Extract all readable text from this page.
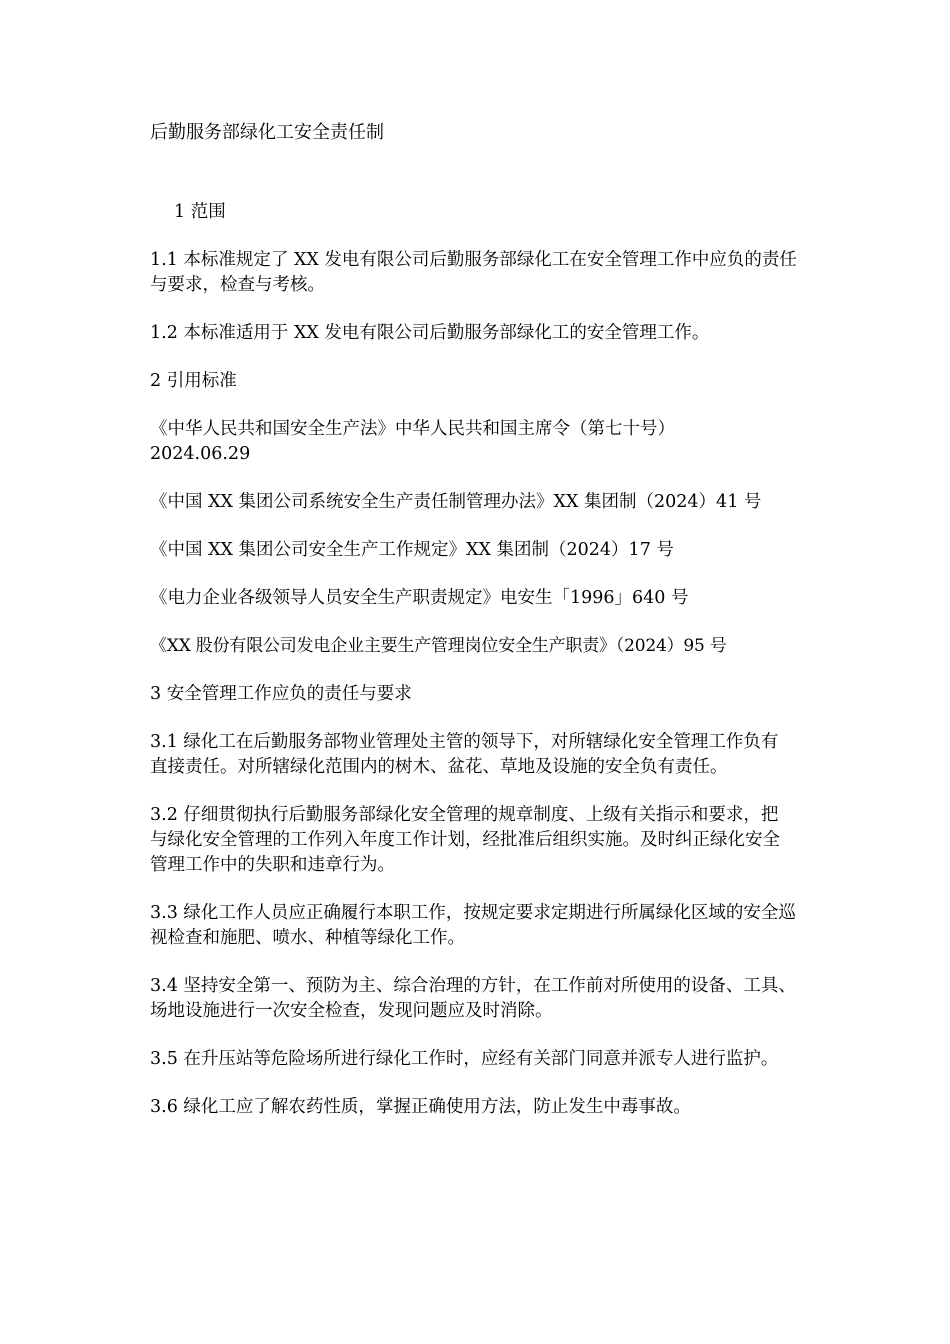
后勤服务部绿化工安全责任制

1 范围

1.1 本标准规定了 XX 发电有限公司后勤服务部绿化工在安全管理工作中应负的责任与要求，检查与考核。

1.2 本标准适用于 XX 发电有限公司后勤服务部绿化工的安全管理工作。

2 引用标准

《中华人民共和国安全生产法》中华人民共和国主席令（第七十号）2024.06.29

《中国 XX 集团公司系统安全生产责任制管理办法》XX 集团制（2024）41 号

《中国 XX 集团公司安全生产工作规定》XX 集团制（2024）17 号

《电力企业各级领导人员安全生产职责规定》电安生「1996」640 号

《XX 股份有限公司发电企业主要生产管理岗位安全生产职责》（2024）95 号

3 安全管理工作应负的责任与要求

3.1 绿化工在后勤服务部物业管理处主管的领导下，对所辖绿化安全管理工作负有直接责任。对所辖绿化范围内的树木、盆花、草地及设施的安全负有责任。

3.2 仔细贯彻执行后勤服务部绿化安全管理的规章制度、上级有关指示和要求，把与绿化安全管理的工作列入年度工作计划，经批准后组织实施。及时纠正绿化安全管理工作中的失职和违章行为。

3.3 绿化工作人员应正确履行本职工作，按规定要求定期进行所属绿化区域的安全巡视检查和施肥、喷水、种植等绿化工作。

3.4 坚持安全第一、预防为主、综合治理的方针，在工作前对所使用的设备、工具、场地设施进行一次安全检查，发现问题应及时消除。

3.5 在升压站等危险场所进行绿化工作时，应经有关部门同意并派专人进行监护。

3.6 绿化工应了解农药性质，掌握正确使用方法，防止发生中毒事故。
